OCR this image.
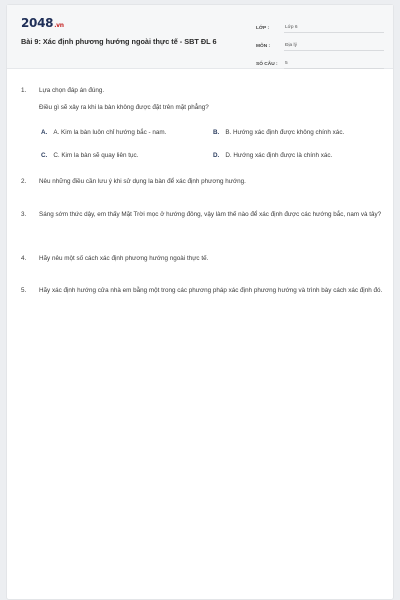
2048.vn
Bài 9: Xác định phương hướng ngoài thực tế - SBT ĐL 6
LỚP :	Lớp 6
MÔN :	Địa lý
SỐ CÂU :	5
1.	Lựa chọn đáp án đúng.
Điều gì sẽ xảy ra khi la bàn không được đặt trên mặt phẳng?
A. A. Kim la bàn luôn chỉ hướng bắc - nam.	B. B. Hướng xác định được không chính xác.
C. C. Kim la bàn sẽ quay liên tục.	D. D. Hướng xác định được là chính xác.
2.	Nêu những điều cần lưu ý khi sử dụng la bàn để xác định phương hướng.
3.	Sáng sớm thức dậy, em thấy Mặt Trời mọc ở hướng đông, vậy làm thế nào để xác định được các hướng bắc, nam và tây?
4.	Hãy nêu một số cách xác định phương hướng ngoài thực tế.
5.	Hãy xác định hướng cửa nhà em bằng một trong các phương pháp xác định phương hướng và trình bày cách xác định đó.
